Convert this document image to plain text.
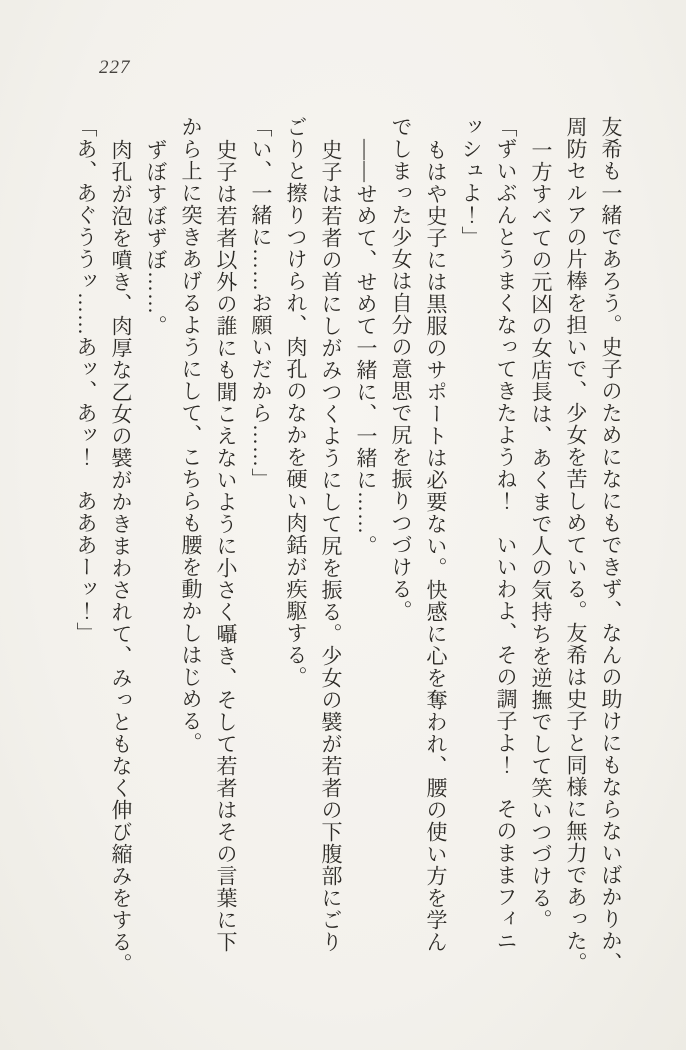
227
友希も一緒であろう。史子のためになにもできず、なんの助けにもならないばかりか、
周防セルアの片棒を担いで、少女を苦しめている。友希は史子と同様に無力であった。
一方すべての元凶の女店長は、あくまで人の気持ちを逆撫でして笑いつづける。
「ずいぶんとうまくなってきたようね！　いいわよ、その調子よ！　そのままフィニ
ッシュよ！」
もはや史子には黒服のサポートは必要ない。快感に心を奪われ、腰の使い方を学ん
でしまった少女は自分の意思で尻を振りつづける。
――せめて、せめて一緒に、一緒に……。
史子は若者の首にしがみつくようにして尻を振る。少女の襞が若者の下腹部にごり
ごりと擦りつけられ、肉孔のなかを硬い肉銛が疾駆する。
「い、一緒に……お願いだから……」
史子は若者以外の誰にも聞こえないように小さく囁き、そして若者はその言葉に下
から上に突きあげるようにして、こちらも腰を動かしはじめる。
ずぼすぼずぼ……。
肉孔が泡を噴き、肉厚な乙女の襞がかきまわされて、みっともなく伸び縮みをする。
「あ、あぐううッ……あッ、あッ！　あああーッ！」
